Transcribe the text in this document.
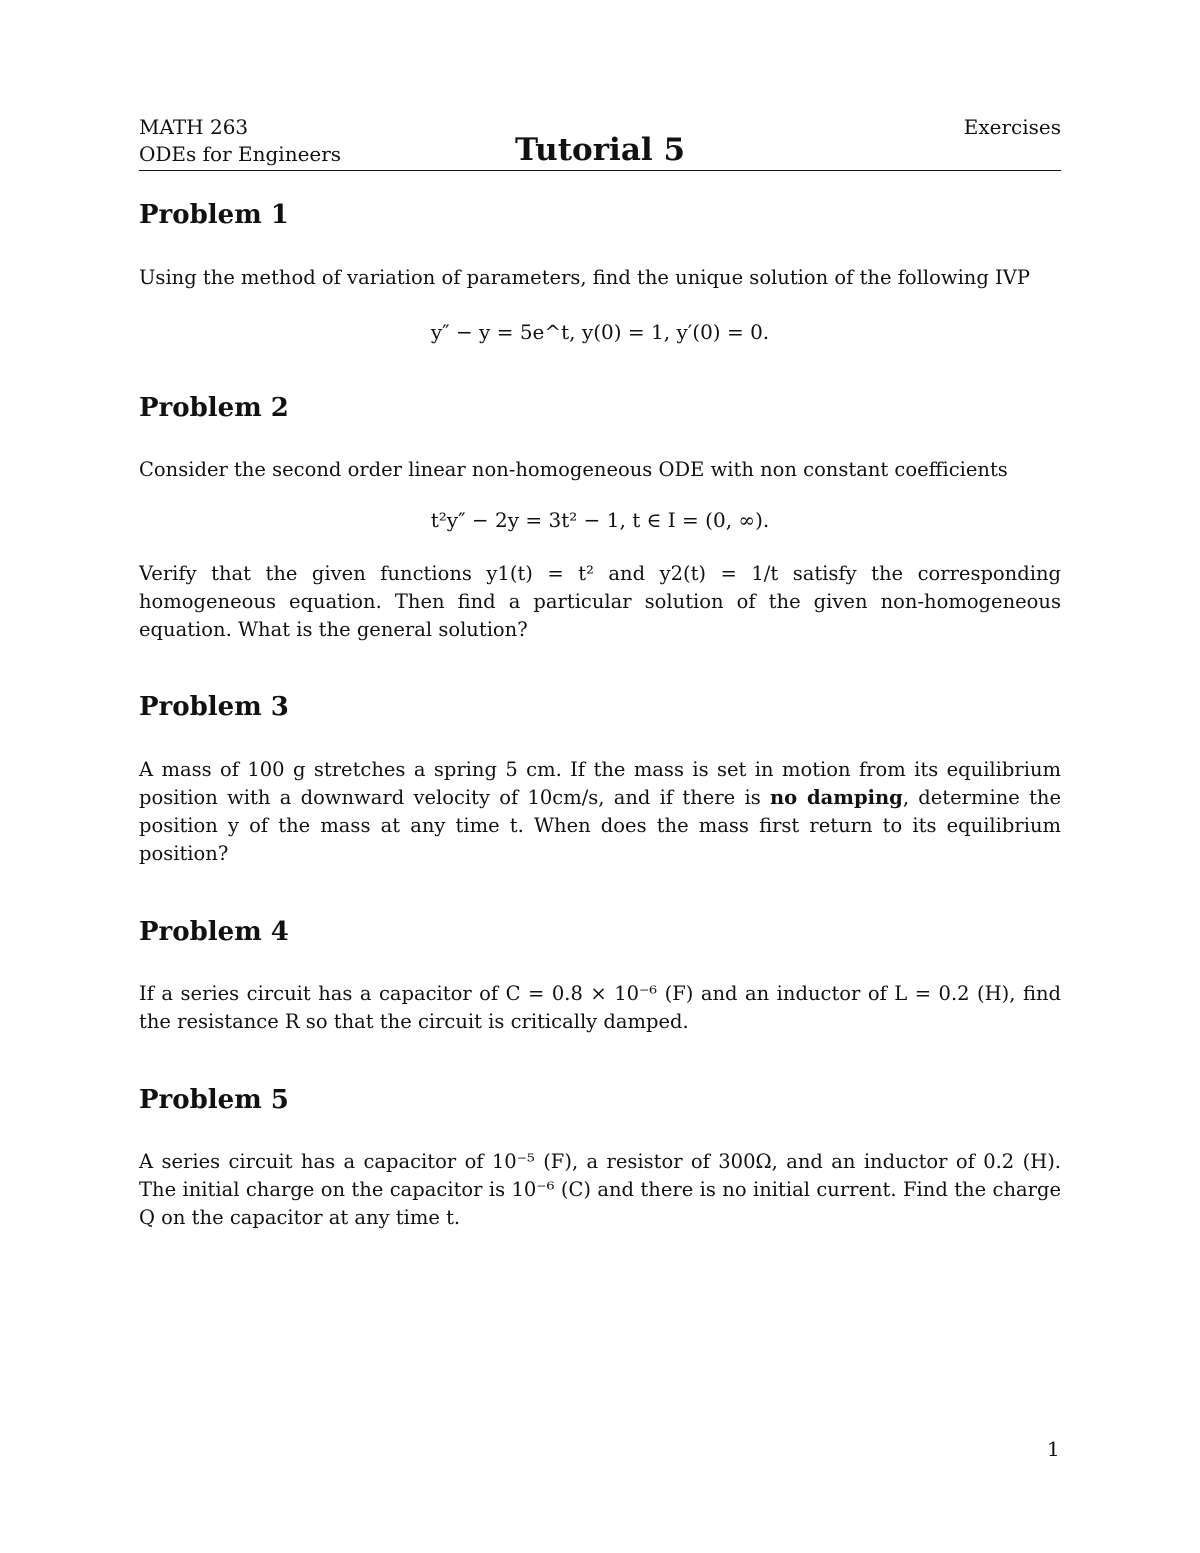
MATH 263
ODEs for Engineers
Exercises
Tutorial 5
Problem 1

Using the method of variation of parameters, find the unique solution of the following IVP

y″ − y = 5e^t, y(0) = 1, y′(0) = 0.
Problem 2

Consider the second order linear non-homogeneous ODE with non constant coefficients

t²y″ − 2y = 3t² − 1, t ∈ I = (0, ∞).

Verify that the given functions y1(t) = t² and y2(t) = 1/t satisfy the corresponding homogeneous equation. Then find a particular solution of the given non-homogeneous equation. What is the general solution?

Problem 3

A mass of 100 g stretches a spring 5 cm. If the mass is set in motion from its equilibrium position with a downward velocity of 10cm/s, and if there is no damping, determine the position y of the mass at any time t. When does the mass first return to its equilibrium position?

Problem 4

If a series circuit has a capacitor of C = 0.8 × 10⁻⁶ (F) and an inductor of L = 0.2 (H), find the resistance R so that the circuit is critically damped.

Problem 5

A series circuit has a capacitor of 10⁻⁵ (F), a resistor of 300Ω, and an inductor of 0.2 (H). The initial charge on the capacitor is 10⁻⁶ (C) and there is no initial current. Find the charge Q on the capacitor at any time t.

1
